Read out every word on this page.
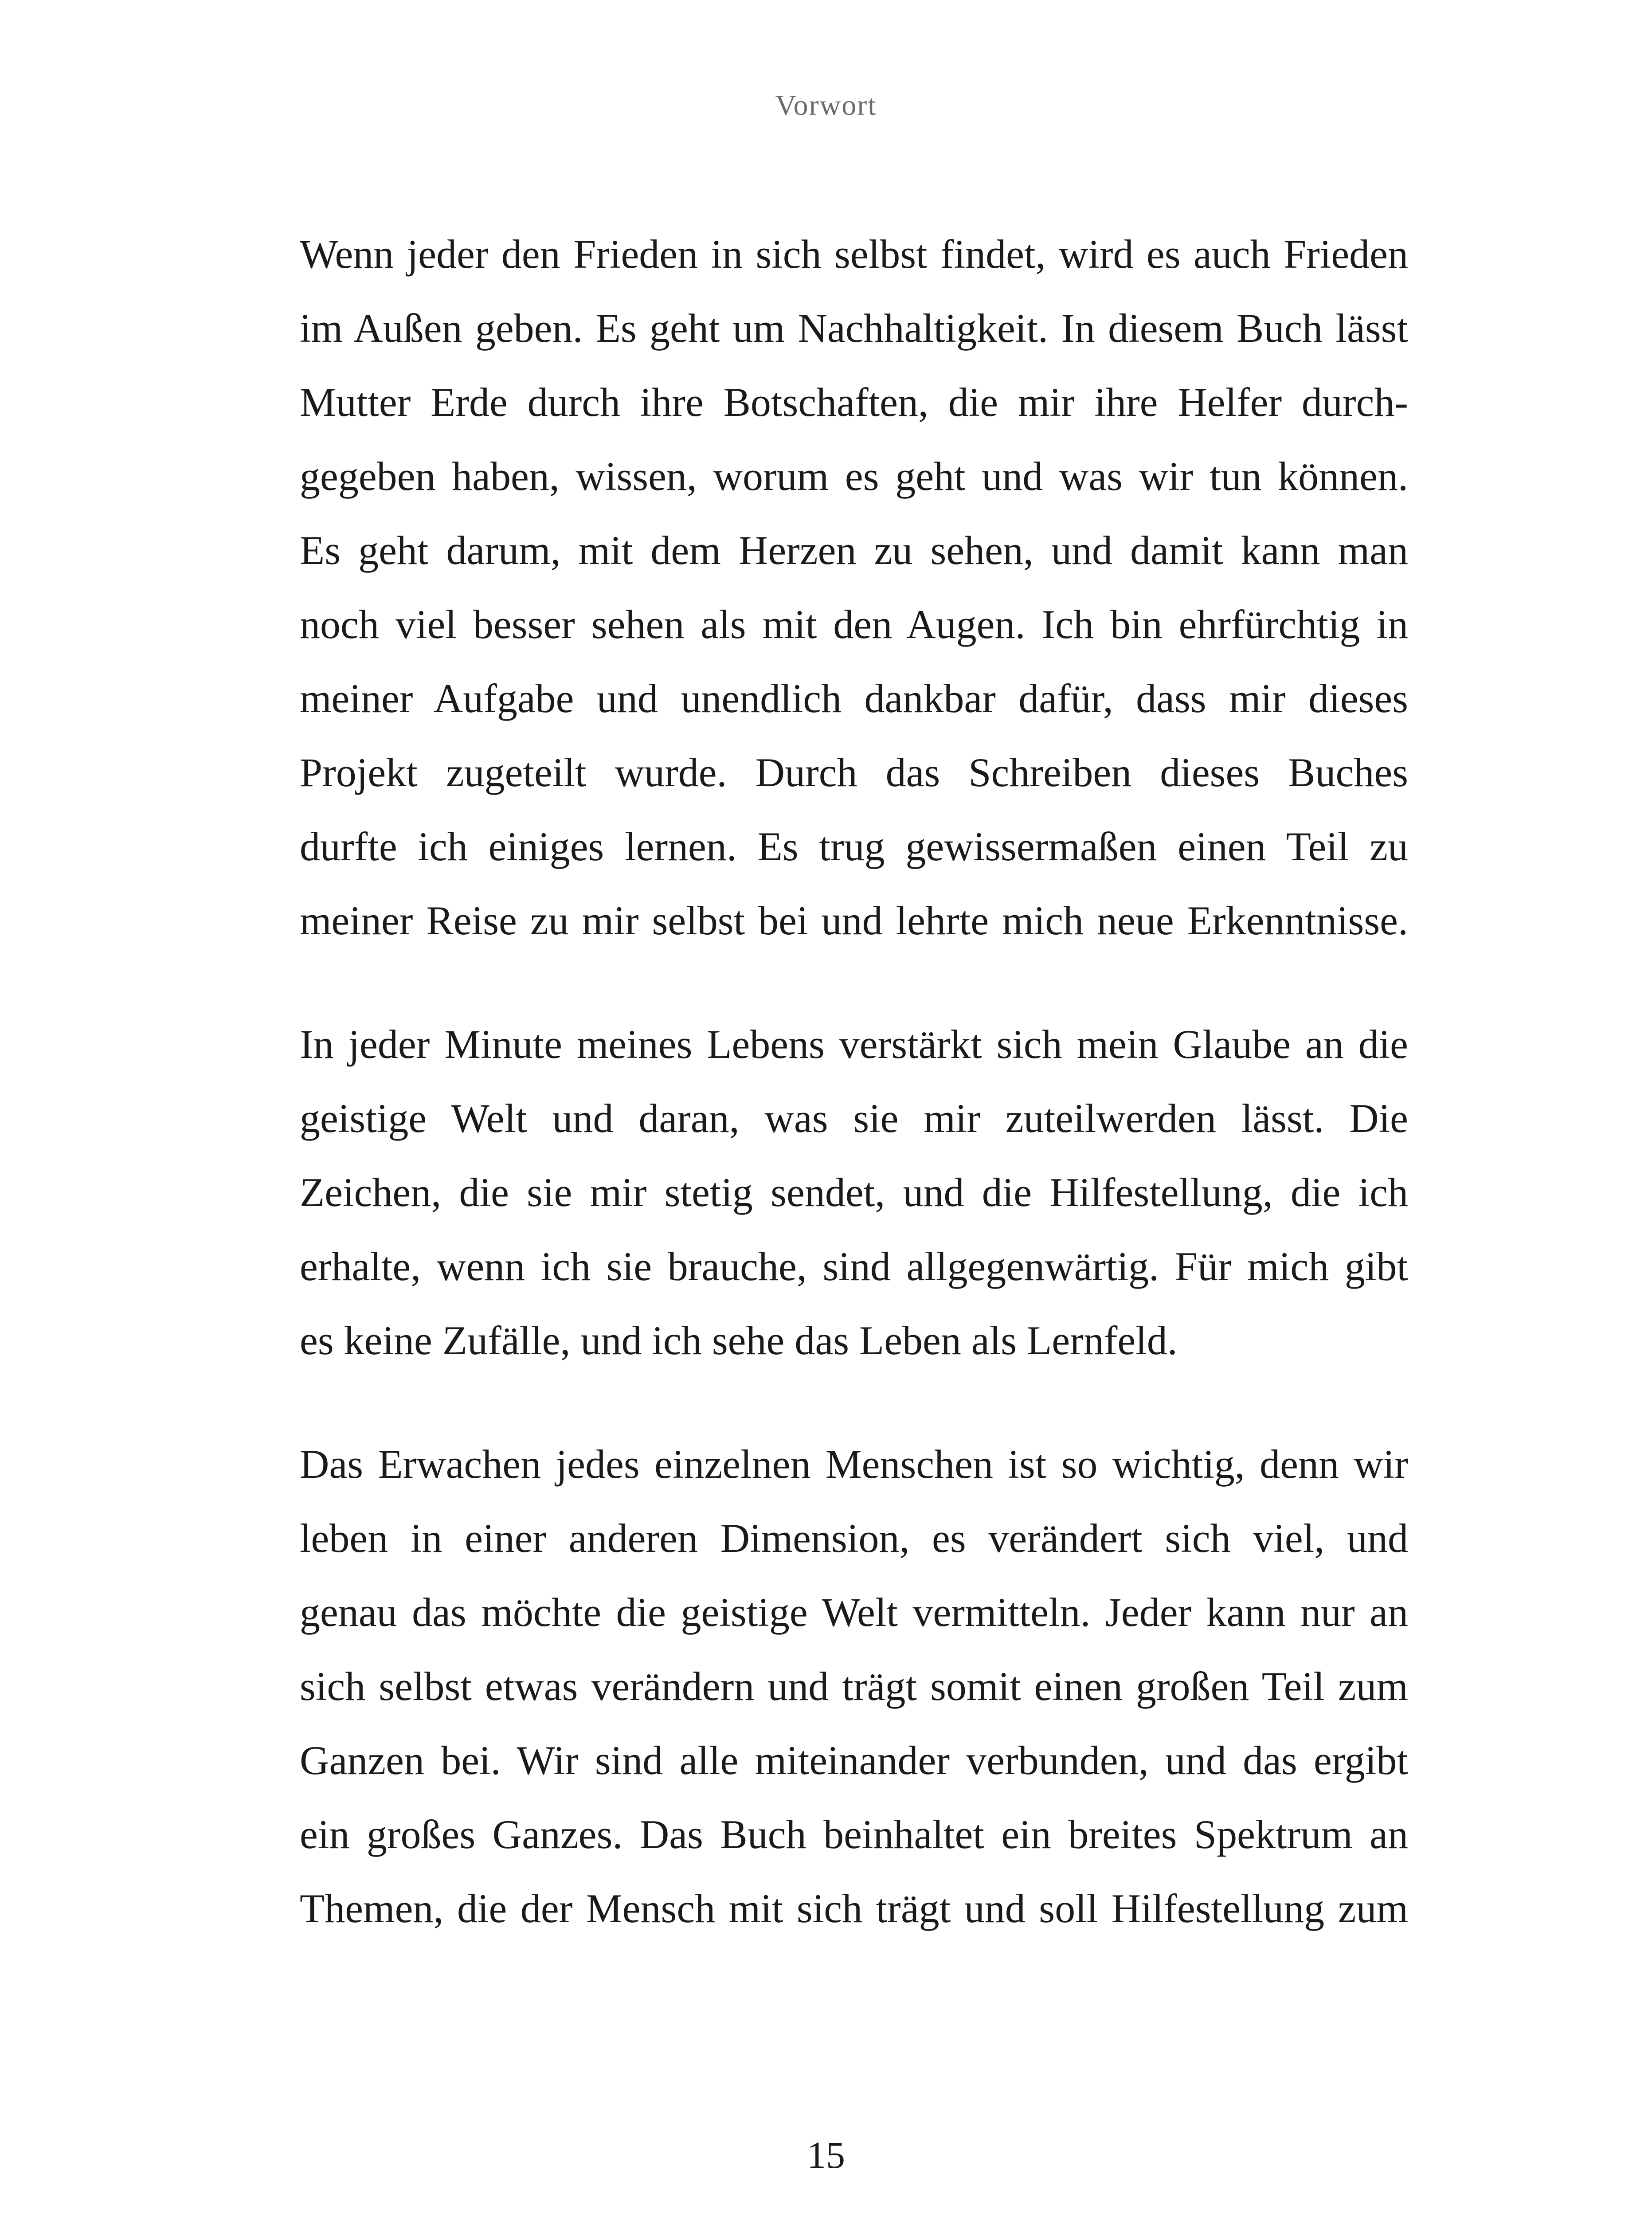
Vorwort
Wenn jeder den Frieden in sich selbst findet, wird es auch Frieden
im Außen geben. Es geht um Nachhaltigkeit. In diesem Buch lässt
Mutter Erde durch ihre Botschaften, die mir ihre Helfer durch-
gegeben haben, wissen, worum es geht und was wir tun können.
Es geht darum, mit dem Herzen zu sehen, und damit kann man
noch viel besser sehen als mit den Augen. Ich bin ehrfürchtig in
meiner Aufgabe und unendlich dankbar dafür, dass mir dieses
Projekt zugeteilt wurde. Durch das Schreiben dieses Buches
durfte ich einiges lernen. Es trug gewissermaßen einen Teil zu
meiner Reise zu mir selbst bei und lehrte mich neue Erkenntnisse.
In jeder Minute meines Lebens verstärkt sich mein Glaube an die
geistige Welt und daran, was sie mir zuteilwerden lässt. Die
Zeichen, die sie mir stetig sendet, und die Hilfestellung, die ich
erhalte, wenn ich sie brauche, sind allgegenwärtig. Für mich gibt
es keine Zufälle, und ich sehe das Leben als Lernfeld.
Das Erwachen jedes einzelnen Menschen ist so wichtig, denn wir
leben in einer anderen Dimension, es verändert sich viel, und
genau das möchte die geistige Welt vermitteln. Jeder kann nur an
sich selbst etwas verändern und trägt somit einen großen Teil zum
Ganzen bei. Wir sind alle miteinander verbunden, und das ergibt
ein großes Ganzes. Das Buch beinhaltet ein breites Spektrum an
Themen, die der Mensch mit sich trägt und soll Hilfestellung zum
15
